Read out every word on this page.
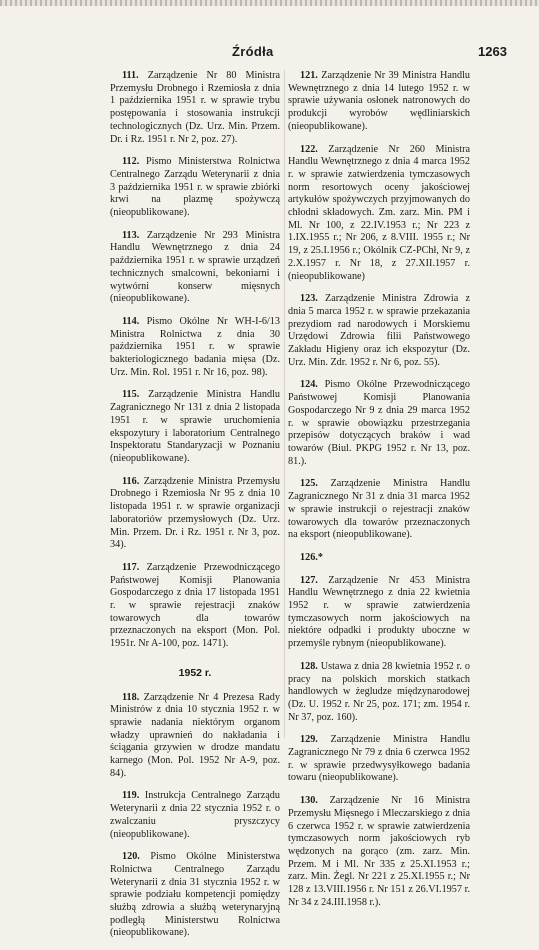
Źródła	1263

111. Zarządzenie Nr 80 Ministra Przemysłu Drobnego i Rzemiosła z dnia 1 października 1951 r. w sprawie trybu postępowania i stosowania instrukcji technologicznych (Dz. Urz. Min. Przem. Dr. i Rz. 1951 r. Nr 2, poz. 27).

112. Pismo Ministerstwa Rolnictwa Centralnego Zarządu Weterynarii z dnia 3 października 1951 r. w sprawie zbiórki krwi na plazmę spożywczą (nieopublikowane).

113. Zarządzenie Nr 293 Ministra Handlu Wewnętrznego z dnia 24 października 1951 r. w sprawie urządzeń technicznych smalcowni, bekoniarni i wytwórni konserw mięsnych (nieopublikowane).

114. Pismo Okólne Nr WH-I-6/13 Ministra Rolnictwa z dnia 30 października 1951 r. w sprawie bakteriologicznego badania mięsa (Dz. Urz. Min. Rol. 1951 r. Nr 16, poz. 98).

115. Zarządzenie Ministra Handlu Zagranicznego Nr 131 z dnia 2 listopada 1951 r. w sprawie uruchomienia ekspozytury i laboratorium Centralnego Inspektoratu Standaryzacji w Poznaniu (nieopublikowane).

116. Zarządzenie Ministra Przemysłu Drobnego i Rzemiosła Nr 95 z dnia 10 listopada 1951 r. w sprawie organizacji laboratoriów przemysłowych (Dz. Urz. Min. Przem. Dr. i Rz. 1951 r. Nr 3, poz. 34).

117. Zarządzenie Przewodniczącego Państwowej Komisji Planowania Gospodarczego z dnia 17 listopada 1951 r. w sprawie rejestracji znaków towarowych dla towarów przeznaczonych na eksport (Mon. Pol. 1951r. Nr A-100, poz. 1471).

1952 r.

118. Zarządzenie Nr 4 Prezesa Rady Ministrów z dnia 10 stycznia 1952 r. w sprawie nadania niektórym organom władzy uprawnień do nakładania i ściągania grzywien w drodze mandatu karnego (Mon. Pol. 1952 Nr A-9, poz. 84).

119. Instrukcja Centralnego Zarządu Weterynarii z dnia 22 stycznia 1952 r. o zwalczaniu pryszczycy (nieopublikowane).

120. Pismo Okólne Ministerstwa Rolnictwa Centralnego Zarządu Weterynarii z dnia 31 stycznia 1952 r. w sprawie podziału kompetencji pomiędzy służbą zdrowia a służbą weterynaryjną podległą Ministerstwu Rolnictwa (nieopublikowane).

121. Zarządzenie Nr 39 Ministra Handlu Wewnętrznego z dnia 14 lutego 1952 r. w sprawie używania osłonek natronowych do produkcji wyrobów wędliniarskich (nieopublikowane).

122. Zarządzenie Nr 260 Ministra Handlu Wewnętrznego z dnia 4 marca 1952 r. w sprawie zatwierdzenia tymczasowych norm resortowych oceny jakościowej artykułów spożywczych przyjmowanych do chłodni składowych. Zm. zarz. Min. PM i Ml. Nr 100, z 22.IV.1953 r.; Nr 223 z 1.IX.1955 r.; Nr 206, z 8.VIII. 1955 r.; Nr 19, z 25.I.1956 r.; Okólnik CZ-PChł, Nr 9, z 2.X.1957 r. Nr 18, z 27.XII.1957 r. (nieopublikowane)

123. Zarządzenie Ministra Zdrowia z dnia 5 marca 1952 r. w sprawie przekazania prezydiom rad narodowych i Morskiemu Urzędowi Zdrowia filii Państwowego Zakładu Higieny oraz ich ekspozytur (Dz. Urz. Min. Zdr. 1952 r. Nr 6, poz. 55).

124. Pismo Okólne Przewodniczącego Państwowej Komisji Planowania Gospodarczego Nr 9 z dnia 29 marca 1952 r. w sprawie obowiązku przestrzegania przepisów dotyczących braków i wad towarów (Biul. PKPG 1952 r. Nr 13, poz. 81.).

125. Zarządzenie Ministra Handlu Zagranicznego Nr 31 z dnia 31 marca 1952 w sprawie instrukcji o rejestracji znaków towarowych dla towarów przeznaczonych na eksport (nieopublikowane).

126.*

127. Zarządzenie Nr 453 Ministra Handlu Wewnętrznego z dnia 22 kwietnia 1952 r. w sprawie zatwierdzenia tymczasowych norm jakościowych na niektóre odpadki i produkty uboczne w przemyśle rybnym (nieopublikowane).

128. Ustawa z dnia 28 kwietnia 1952 r. o pracy na polskich morskich statkach handlowych w żegludze międzynarodowej (Dz. U. 1952 r. Nr 25, poz. 171; zm. 1954 r. Nr 37, poz. 160).

129. Zarządzenie Ministra Handlu Zagranicznego Nr 79 z dnia 6 czerwca 1952 r. w sprawie przedwysyłkowego badania towaru (nieopublikowane).

130. Zarządzenie Nr 16 Ministra Przemysłu Mięsnego i Mleczarskiego z dnia 6 czerwca 1952 r. w sprawie zatwierdzenia tymczasowych norm jakościowych ryb wędzonych na gorąco (zm. zarz. Min. Przem. M i Ml. Nr 335 z 25.XI.1953 r.; zarz. Min. Żegl. Nr 221 z 25.XI.1955 r.; Nr 128 z 13.VIII.1956 r. Nr 151 z 26.VI.1957 r. Nr 34 z 24.III.1958 r.).
